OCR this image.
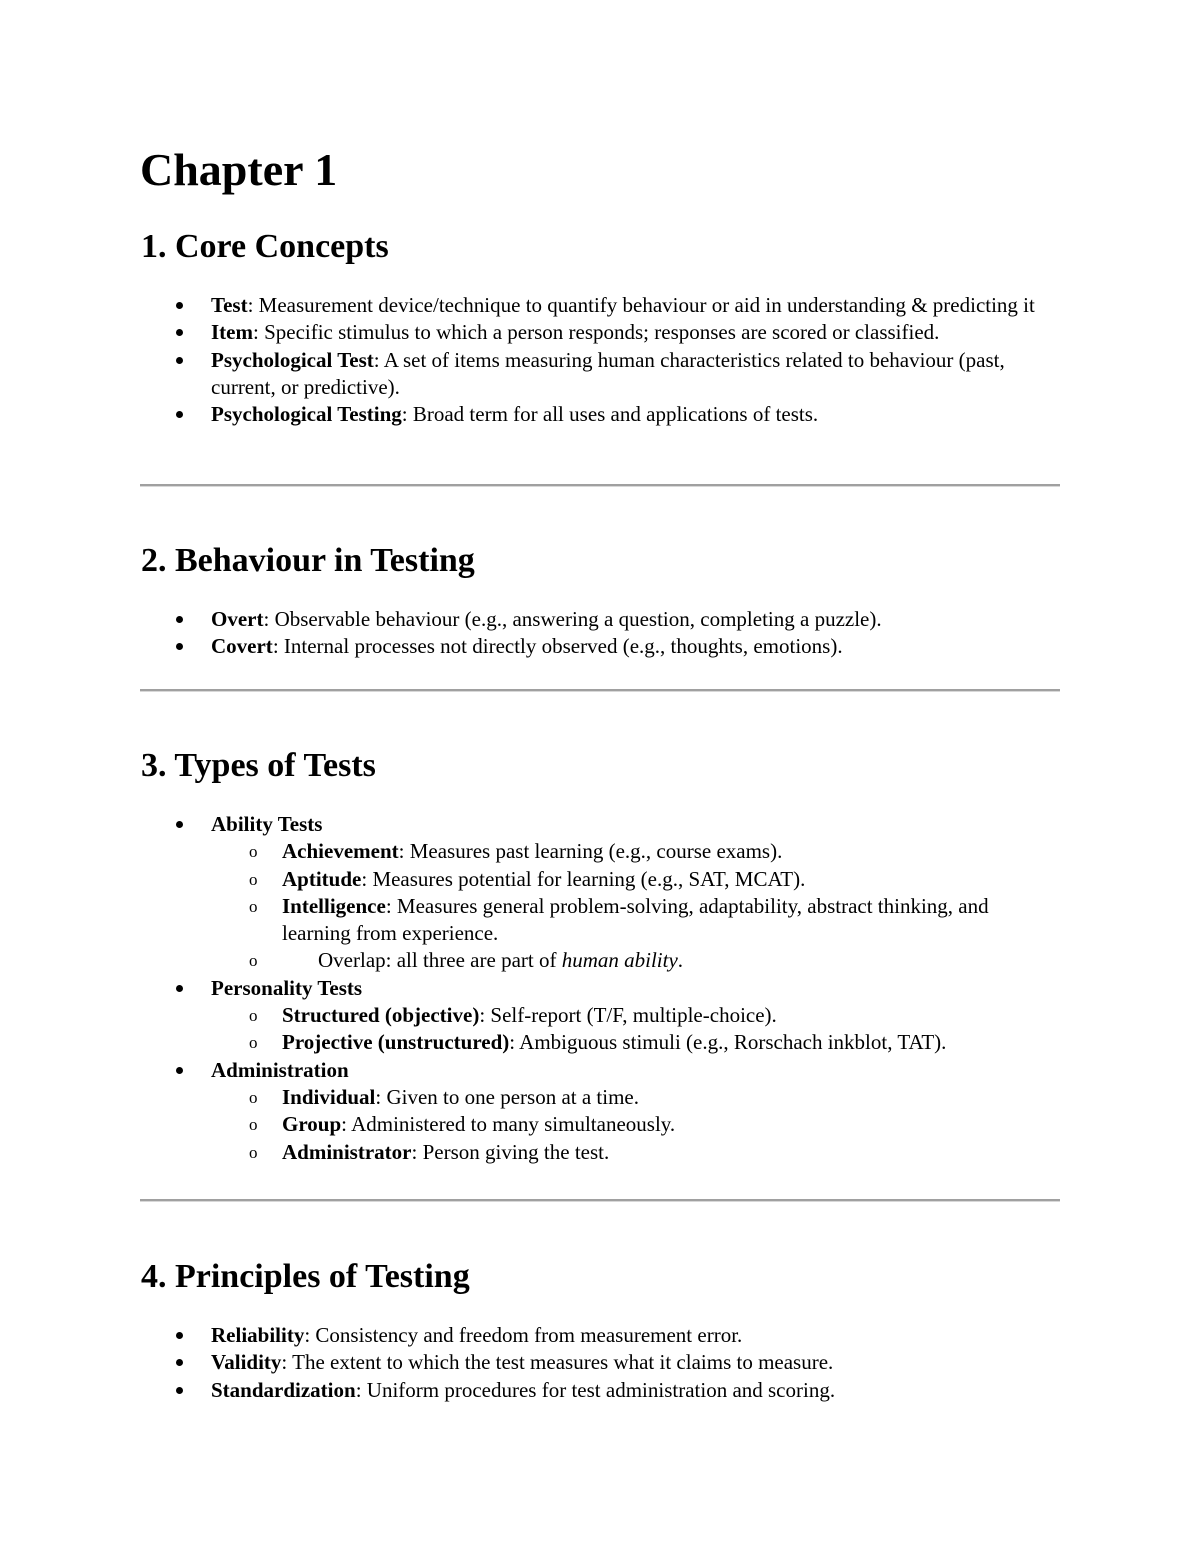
Chapter 1
1. Core Concepts
Test: Measurement device/technique to quantify behaviour or aid in understanding & predicting it
Item: Specific stimulus to which a person responds; responses are scored or classified.
Psychological Test: A set of items measuring human characteristics related to behaviour (past, current, or predictive).
Psychological Testing: Broad term for all uses and applications of tests.
2. Behaviour in Testing
Overt: Observable behaviour (e.g., answering a question, completing a puzzle).
Covert: Internal processes not directly observed (e.g., thoughts, emotions).
3. Types of Tests
Ability Tests
o Achievement: Measures past learning (e.g., course exams).
o Aptitude: Measures potential for learning (e.g., SAT, MCAT).
o Intelligence: Measures general problem-solving, adaptability, abstract thinking, and learning from experience.
o	Overlap: all three are part of human ability.
Personality Tests
o Structured (objective): Self-report (T/F, multiple-choice).
o Projective (unstructured): Ambiguous stimuli (e.g., Rorschach inkblot, TAT).
Administration
o Individual: Given to one person at a time.
o Group: Administered to many simultaneously.
o Administrator: Person giving the test.
4. Principles of Testing
Reliability: Consistency and freedom from measurement error.
Validity: The extent to which the test measures what it claims to measure.
Standardization: Uniform procedures for test administration and scoring.
